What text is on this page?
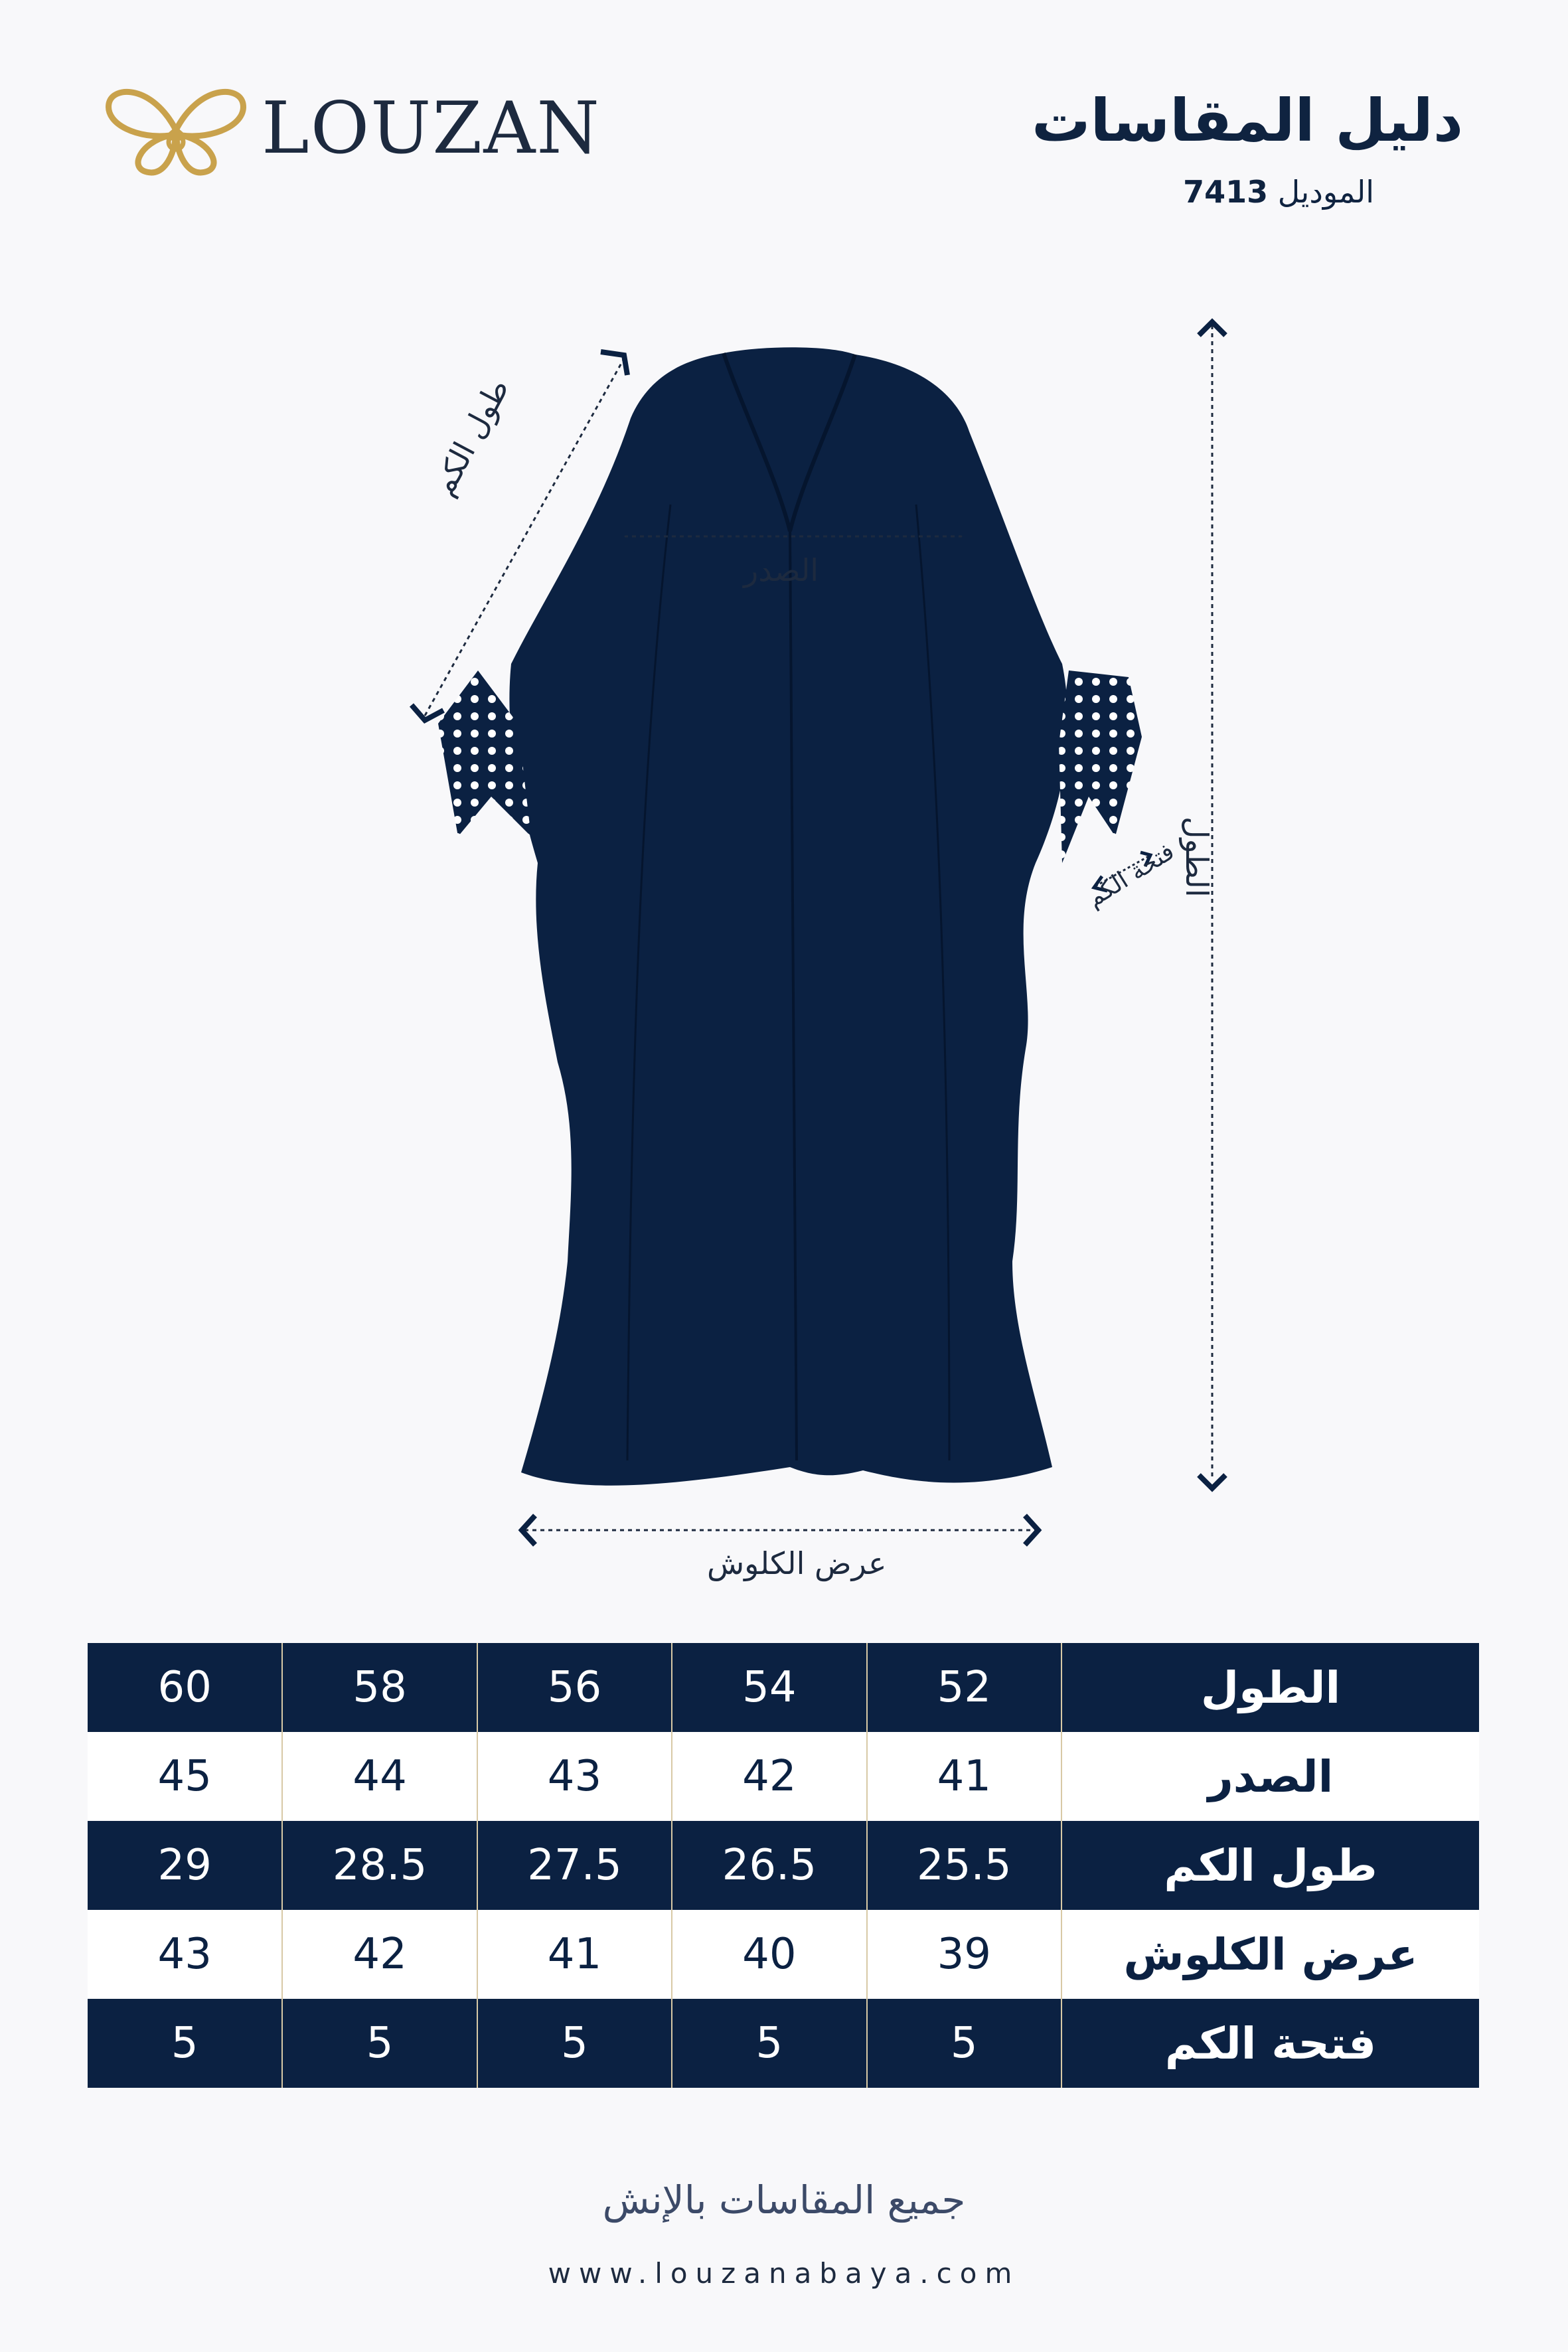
LOUZAN	دليل المقاسات
الموديل 7413
طول الكم
الصدر
الطول
فتحة الكم
عرض الكلوش
60	58	56	54	52	الطول
45	44	43	42	41	الصدر
29	28.5	27.5	26.5	25.5	طول الكم
43	42	41	40	39	عرض الكلوش
5	5	5	5	5	فتحة الكم
جميع المقاسات بالإنش
www.louzanabaya.com
